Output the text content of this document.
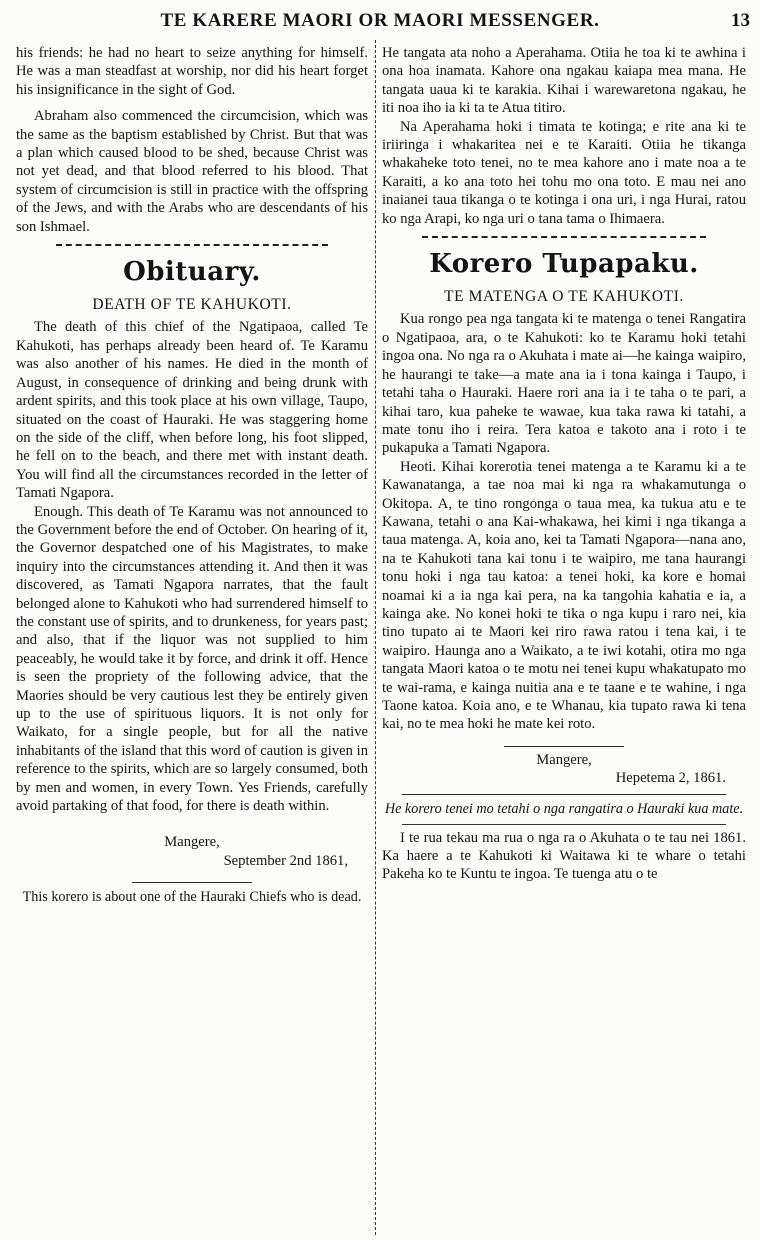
TE KARERE MAORI OR MAORI MESSENGER.	13

his friends: he had no heart to seize anything for himself. He was a man steadfast at worship, nor did his heart forget his insignificance in the sight of God.

Abraham also commenced the circumcision, which was the same as the baptism established by Christ. But that was a plan which caused blood to be shed, because Christ was not yet dead, and that blood referred to his blood. That system of circumcision is still in practice with the offspring of the Jews, and with the Arabs who are descendants of his son Ishmael.

Obituary.
DEATH OF TE KAHUKOTI.

The death of this chief of the Ngatipaoa, called Te Kahukoti, has perhaps already been heard of. Te Karamu was also another of his names. He died in the month of August, in consequence of drinking and being drunk with ardent spirits, and this took place at his own village, Taupo, situated on the coast of Hauraki. He was staggering home on the side of the cliff, when before long, his foot slipped, he fell on to the beach, and there met with instant death. You will find all the circumstances recorded in the letter of Tamati Ngapora.

Enough. This death of Te Karamu was not announced to the Government before the end of October. On hearing of it, the Governor despatched one of his Magistrates, to make inquiry into the circumstances attending it. And then it was discovered, as Tamati Ngapora narrates, that the fault belonged alone to Kahukoti who had surrendered himself to the constant use of spirits, and to drunkeness, for years past; and also, that if the liquor was not supplied to him peaceably, he would take it by force, and drink it off. Hence is seen the propriety of the following advice, that the Maories should be very cautious lest they be entirely given up to the use of spirituous liquors. It is not only for Waikato, for a single people, but for all the native inhabitants of the island that this word of caution is given in reference to the spirits, which are so largely consumed, both by men and women, in every Town. Yes Friends, carefully avoid partaking of that food, for there is death within.

Mangere,
September 2nd 1861,
This korero is about one of the Hauraki Chiefs who is dead.

He tangata ata noho a Aperahama. Otiia he toa ki te awhina i ona hoa inamata. Kahore ona ngakau kaiapa mea mana. He tangata uaua ki te karakia. Kihai i warewaretona ngakau, he iti noa iho ia ki ta te Atua titiro.

Na Aperahama hoki i timata te kotinga; e rite ana ki te iriiringa i whakaritea nei e te Karaiti. Otiia he tikanga whakaheke toto tenei, no te mea kahore ano i mate noa a te Karaiti, a ko ana toto hei tohu mo ona toto. E mau nei ano inaianei taua tikanga o te kotinga i ona uri, i nga Hurai, ratou ko nga Arapi, ko nga uri o tana tama o Ihimaera.

Korero Tupapaku.
TE MATENGA O TE KAHUKOTI.

Kua rongo pea nga tangata ki te matenga o tenei Rangatira o Ngatipaoa, ara, o te Kahukoti: ko te Karamu hoki tetahi ingoa ona. No nga ra o Akuhata i mate ai—he kainga waipiro, he haurangi te take—a mate ana ia i tona kainga i Taupo, i tetahi taha o Hauraki. Haere rori ana ia i te taha o te pari, a kihai taro, kua paheke te wawae, kua taka rawa ki tatahi, a mate tonu iho i reira. Tera katoa e takoto ana i roto i te pukapuka a Tamati Ngapora.

Heoti. Kihai korerotia tenei matenga a te Karamu ki a te Kawanatanga, a tae noa mai ki nga ra whakamutunga o Okitopa. A, te tino rongonga o taua mea, ka tukua atu e te Kawana, tetahi o ana Kai-whakawa, hei kimi i nga tikanga a taua matenga. A, koia ano, kei ta Tamati Ngapora—nana ano, na te Kahukoti tana kai tonu i te waipiro, me tana haurangi tonu hoki i nga tau katoa: a tenei hoki, ka kore e homai noamai ki a ia nga kai pera, na ka tangohia kahatia e ia, a kainga ake. No konei hoki te tika o nga kupu i raro nei, kia tino tupato ai te Maori kei riro rawa ratou i tena kai, i te waipiro. Haunga ano a Waikato, a te iwi kotahi, otira mo nga tangata Maori katoa o te motu nei tenei kupu whakatupato mo te wai-rama, e kainga nuitia ana e te taane e te wahine, i nga Taone katoa. Koia ano, e te Whanau, kia tupato rawa ki tena kai, no te mea hoki he mate kei roto.

Mangere,
Hepetema 2, 1861.
He korero tenei mo tetahi o nga rangatira o Hauraki kua mate.

I te rua tekau ma rua o nga ra o Akuhata o te tau nei 1861. Ka haere a te Kahukoti ki Waitawa ki te whare o tetahi Pakeha ko te Kuntu te ingoa. Te tuenga atu o te
